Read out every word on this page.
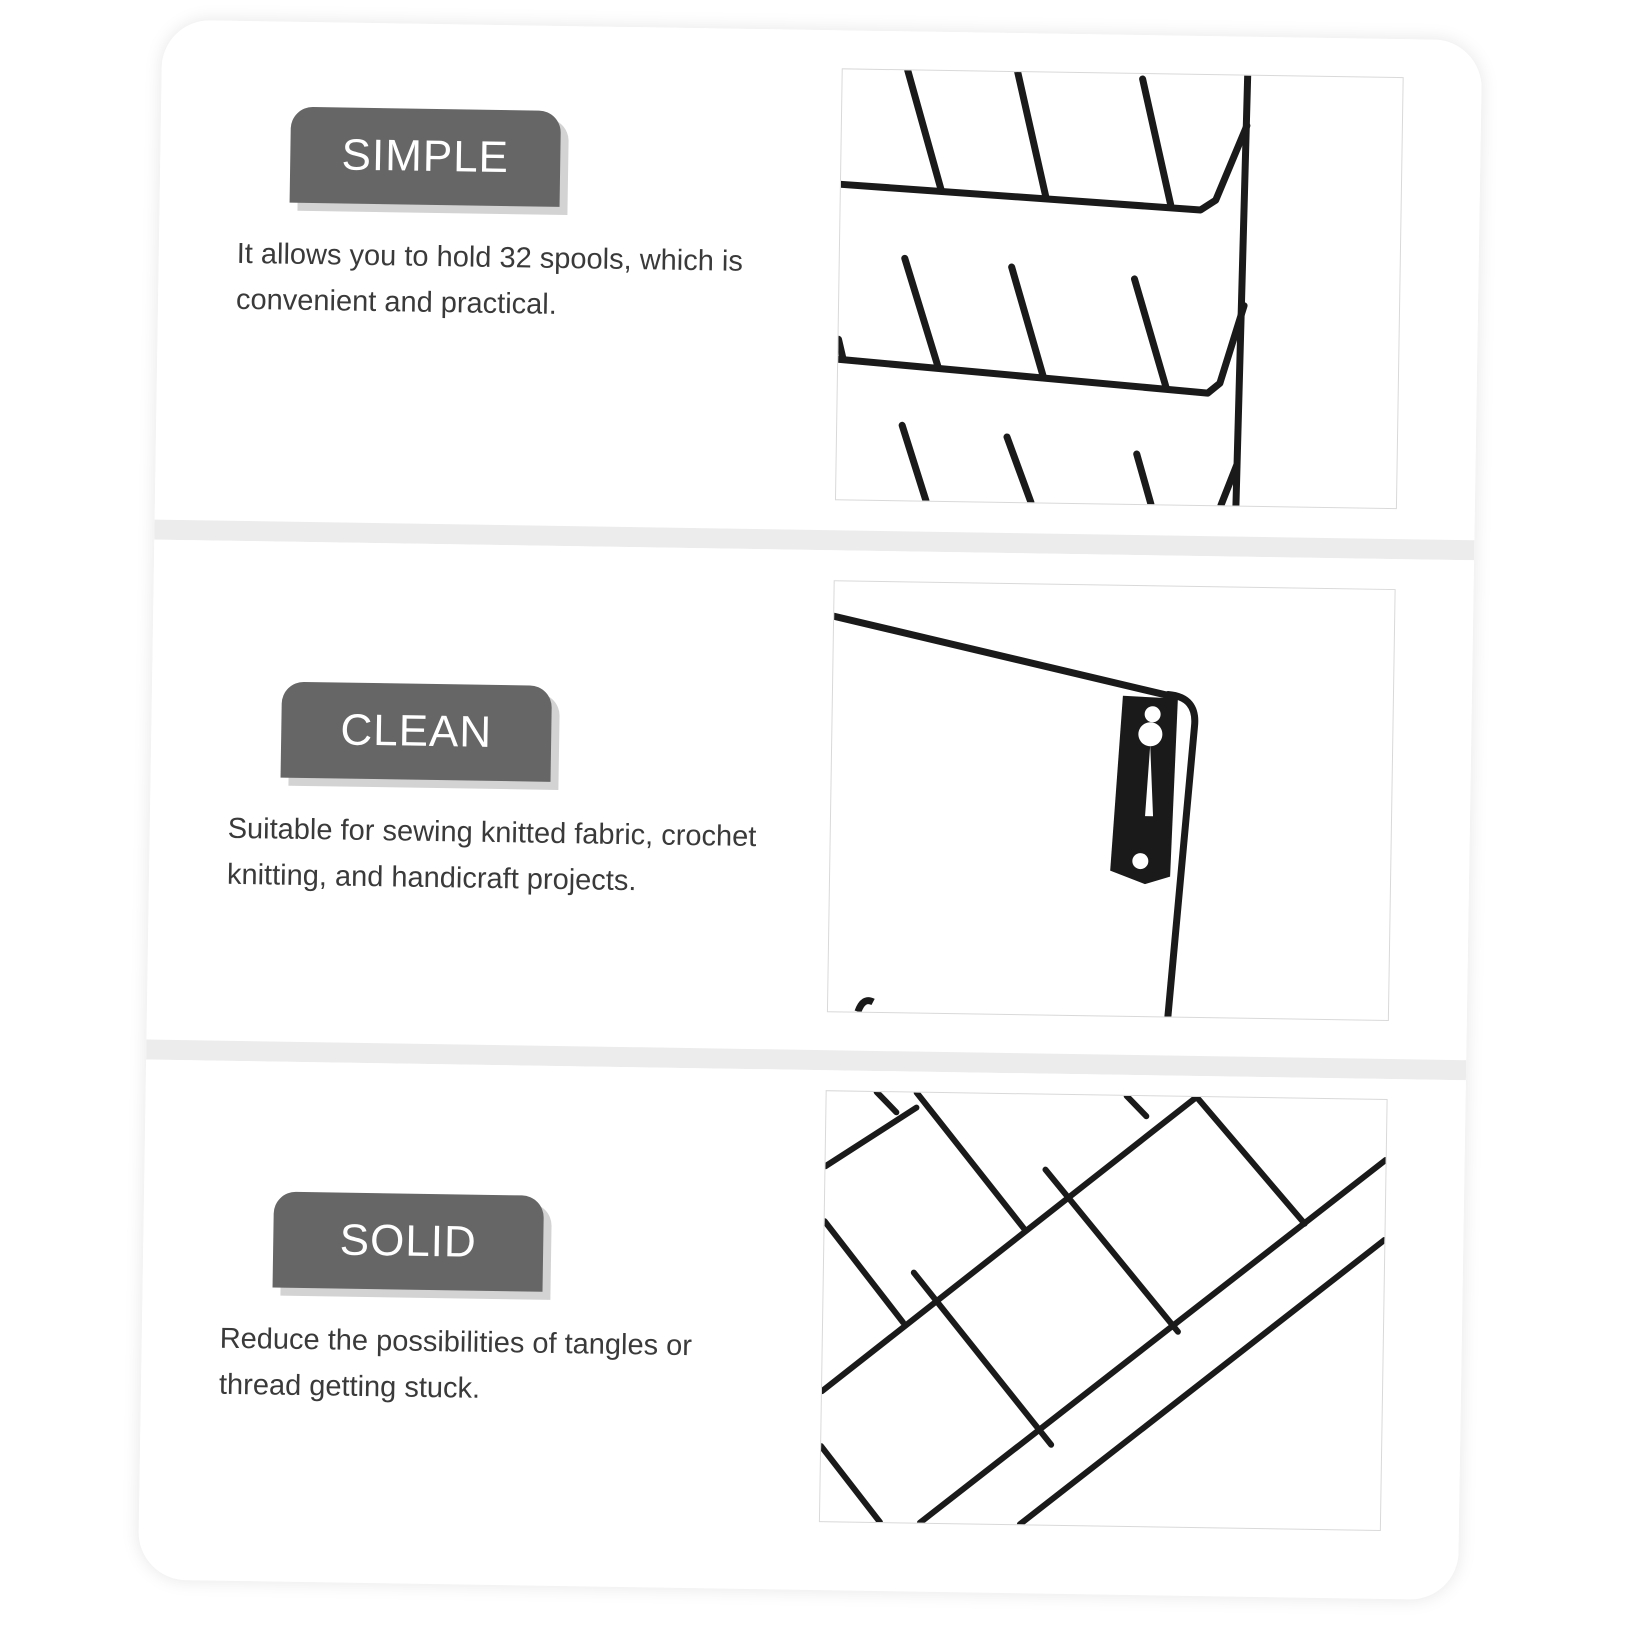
SIMPLE
It allows you to hold 32 spools, which is convenient and practical.
CLEAN
Suitable for sewing knitted fabric, crochet knitting, and handicraft projects.
SOLID
Reduce the possibilities of tangles or thread getting stuck.
